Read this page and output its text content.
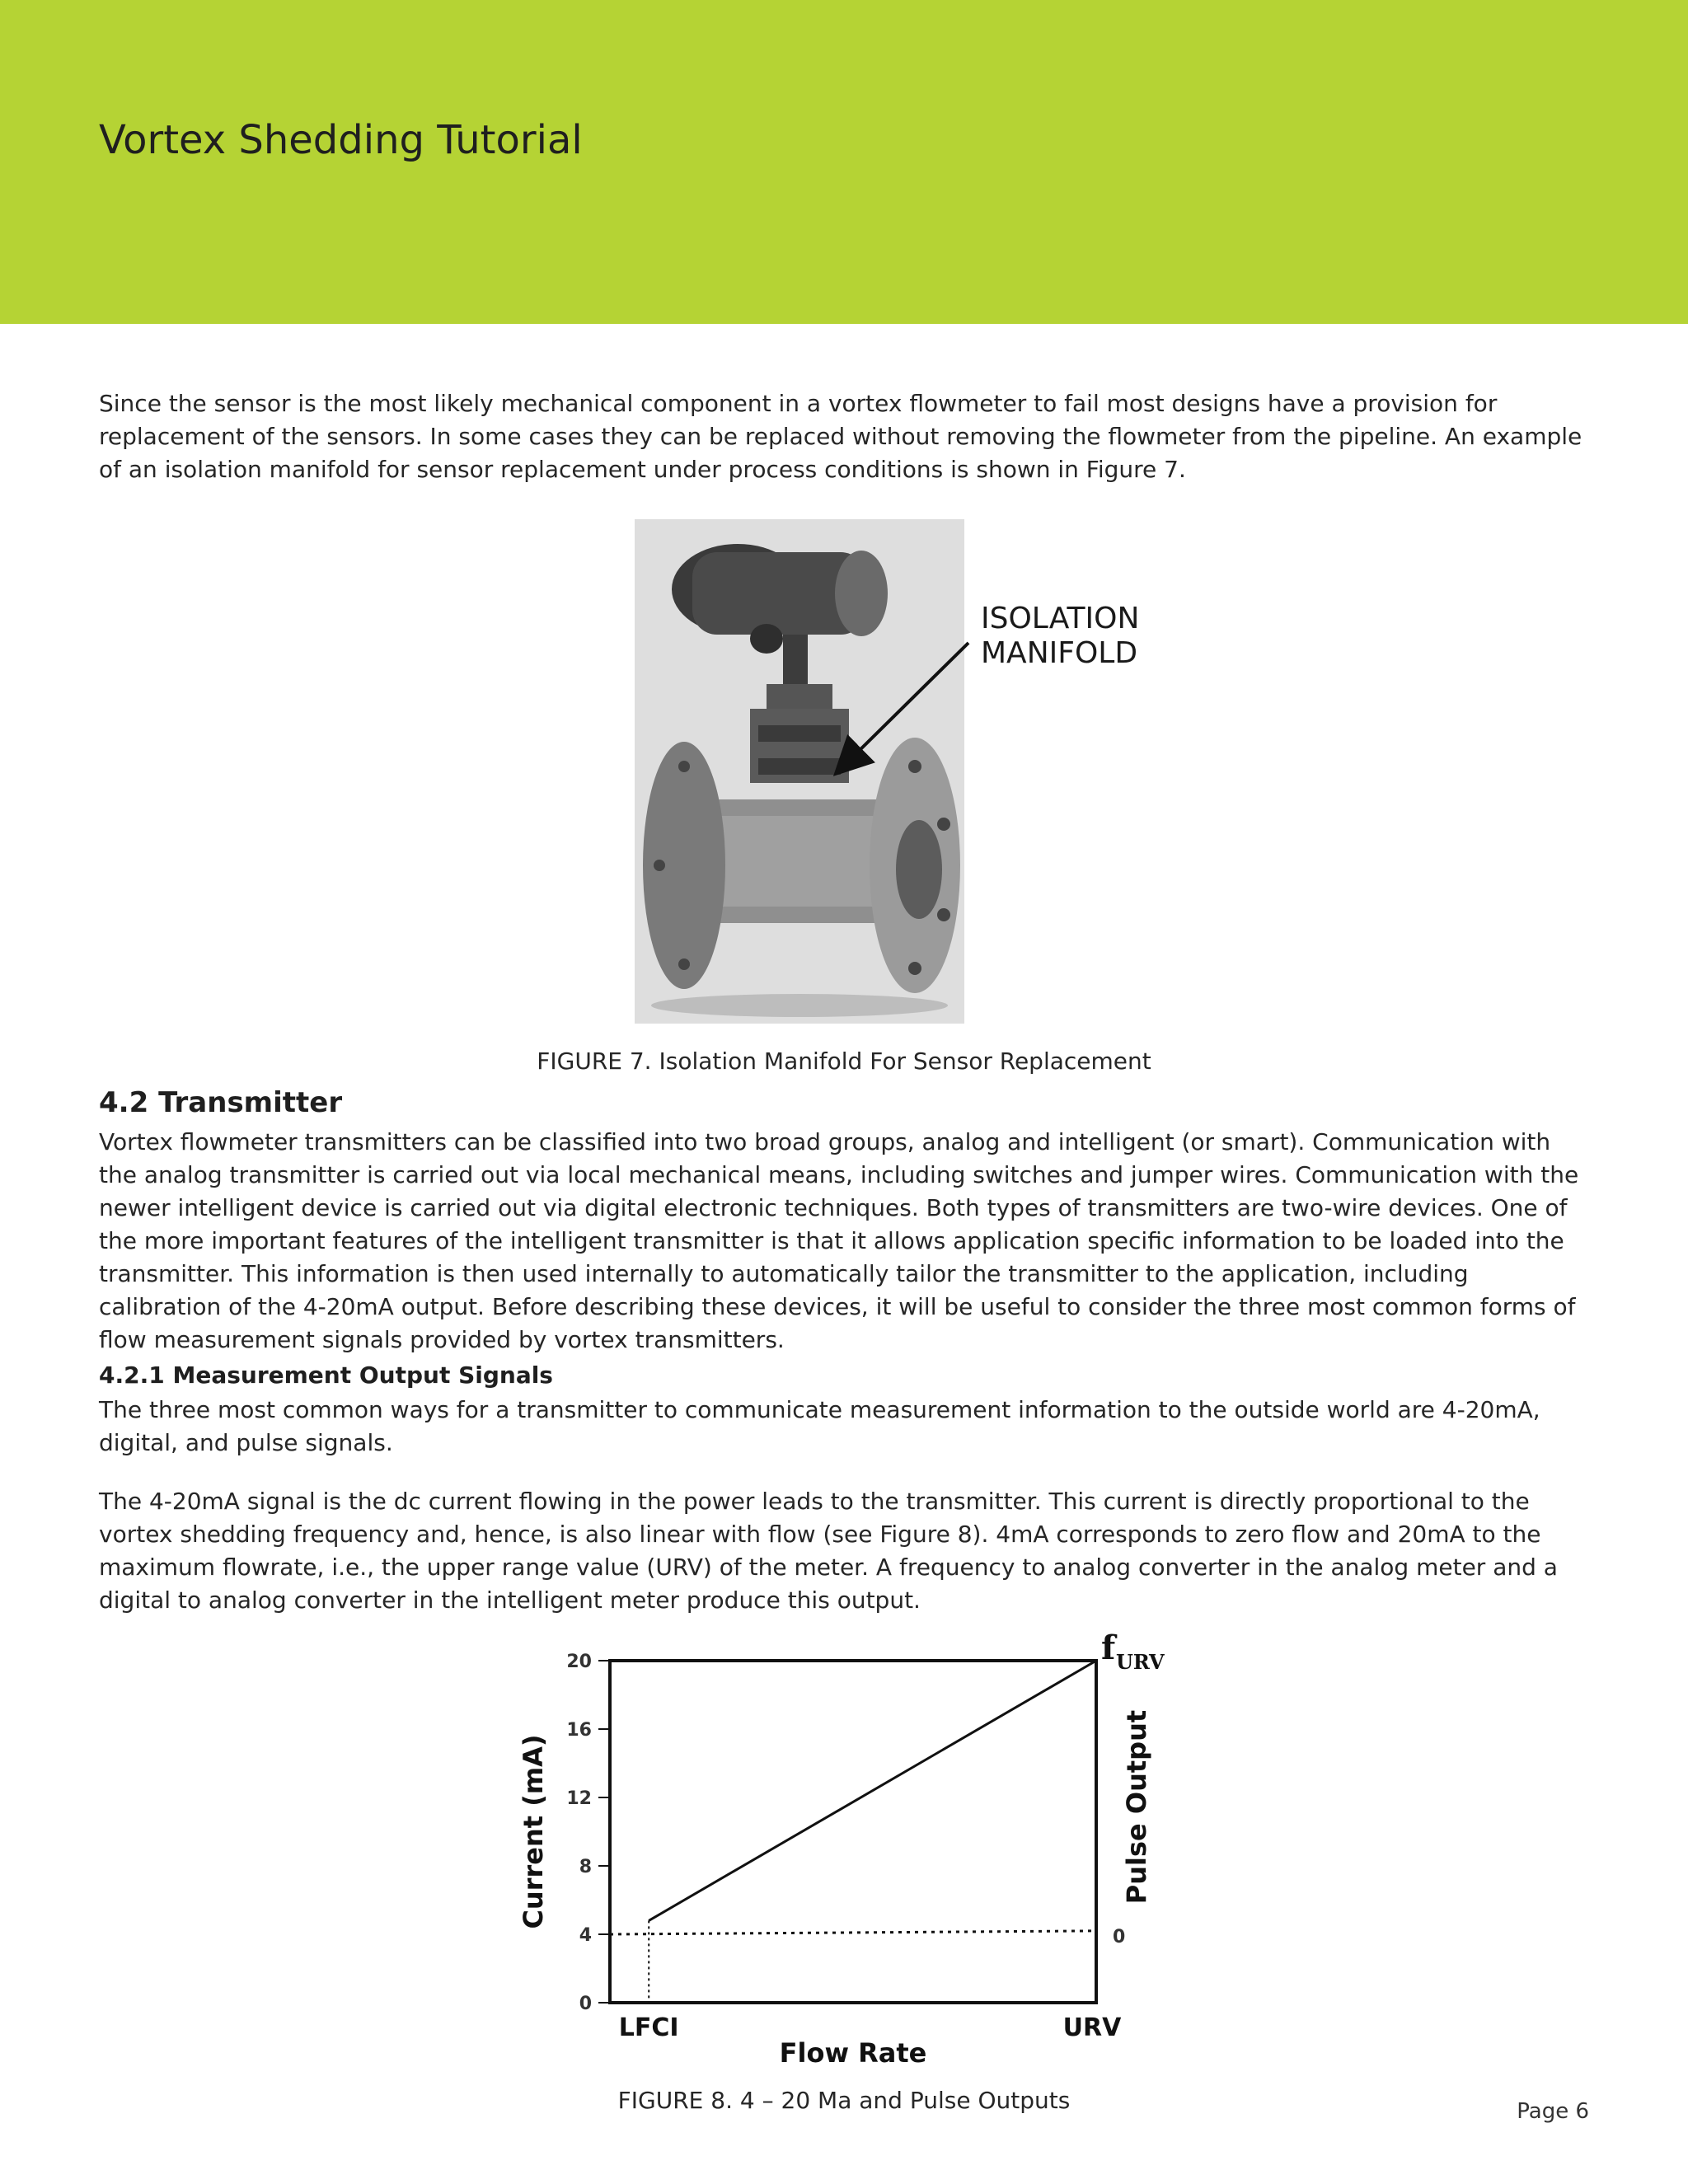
Vortex Shedding Tutorial

Since the sensor is the most likely mechanical component in a vortex flowmeter to fail most designs have a provision for replacement of the sensors. In some cases they can be replaced without removing the flowmeter from the pipeline. An example of an isolation manifold for sensor replacement under process conditions is shown in Figure 7.

ISOLATION
MANIFOLD

FIGURE 7. Isolation Manifold For Sensor Replacement

4.2 Transmitter

Vortex flowmeter transmitters can be classified into two broad groups, analog and intelligent (or smart). Communication with the analog transmitter is carried out via local mechanical means, including switches and jumper wires. Communication with the newer intelligent device is carried out via digital electronic techniques. Both types of transmitters are two-wire devices. One of the more important features of the intelligent transmitter is that it allows application specific information to be loaded into the transmitter. This information is then used internally to automatically tailor the transmitter to the application, including calibration of the 4-20mA output. Before describing these devices, it will be useful to consider the three most common forms of flow measurement signals provided by vortex transmitters.

4.2.1 Measurement Output Signals

The three most common ways for a transmitter to communicate measurement information to the outside world are 4-20mA, digital, and pulse signals.

The 4-20mA signal is the dc current flowing in the power leads to the transmitter. This current is directly proportional to the vortex shedding frequency and, hence, is also linear with flow (see Figure 8). 4mA corresponds to zero flow and 20mA to the maximum flowrate, i.e., the upper range value (URV) of the meter. A frequency to analog converter in the analog meter and a digital to analog converter in the intelligent meter produce this output.

0
4
8
12
16
20
LFCI	URV
Flow Rate
Current (mA)	Pulse Output
0
f URV

FIGURE 8. 4 – 20 Ma and Pulse Outputs	Page 6
